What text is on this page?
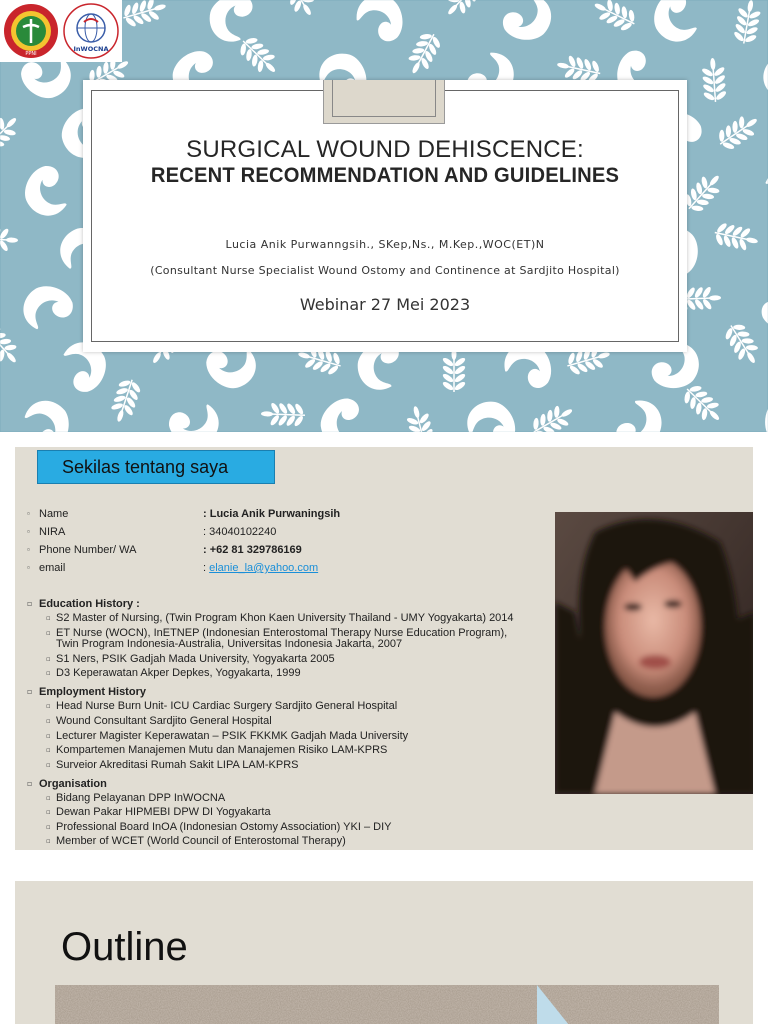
PPNI
InWOCNA
SURGICAL WOUND DEHISCENCE:
RECENT RECOMMENDATION AND GUIDELINES
Lucia Anik Purwanngsih., SKep,Ns., M.Kep.,WOC(ET)N
(Consultant Nurse Specialist Wound Ostomy and Continence at Sardjito Hospital)
Webinar 27 Mei 2023
Sekilas tentang saya
▫ Name	: Lucia Anik Purwaningsih
▫ NIRA	: 34040102240
▫ Phone Number/ WA	: +62 81 329786169
▫ email	: elanie_la@yahoo.com
▫ Education History :
▫ S2 Master of Nursing, (Twin Program Khon Kaen University Thailand - UMY Yogyakarta) 2014
▫ ET Nurse (WOCN), InETNEP (Indonesian Enterostomal Therapy Nurse Education Program),
Twin Program Indonesia-Australia, Universitas Indonesia Jakarta, 2007
▫ S1 Ners, PSIK Gadjah Mada University, Yogyakarta 2005
▫ D3 Keperawatan Akper Depkes, Yogyakarta, 1999
▫ Employment History
▫ Head Nurse Burn Unit- ICU Cardiac Surgery Sardjito General Hospital
▫ Wound Consultant Sardjito General Hospital
▫ Lecturer Magister Keperawatan – PSIK FKKMK Gadjah Mada University
▫ Kompartemen Manajemen Mutu dan Manajemen Risiko LAM-KPRS
▫ Surveior Akreditasi Rumah Sakit LIPA LAM-KPRS
▫ Organisation
▫ Bidang Pelayanan DPP InWOCNA
▫ Dewan Pakar HIPMEBI DPW DI Yogyakarta
▫ Professional Board InOA (Indonesian Ostomy Association) YKI – DIY
▫ Member of WCET (World Council of Enterostomal Therapy)
Outline
